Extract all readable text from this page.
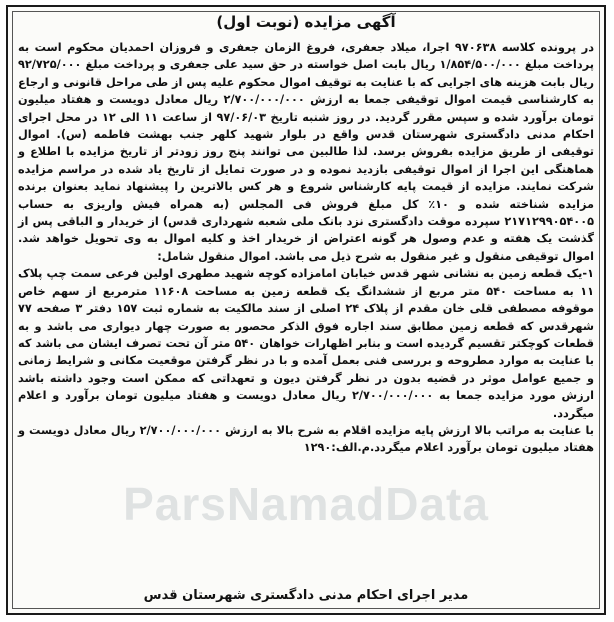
آگهی مزایده (نوبت اول)

در پرونده کلاسه ۹۷۰۶۳۸ اجرا، میلاد جعفری، فروغ الزمان جعفری و فروزان احمدیان محکوم است به پرداخت مبلغ ۱/۸۵۴/۵۰۰/۰۰۰ ریال بابت اصل خواسته در حق سید علی جعفری و پرداخت مبلغ ۹۲/۷۲۵/۰۰۰ ریال بابت هزینه های اجرایی که با عنایت به توقیف اموال محکوم علیه پس از طی مراحل قانونی و ارجاع به کارشناسی قیمت اموال توقیفی جمعا به ارزش ۲/۷۰۰/۰۰۰/۰۰۰ ریال معادل دویست و هفتاد میلیون تومان برآورد شده و سپس مقرر گردید. در روز شنبه تاریخ ۹۷/۰۶/۰۳ از ساعت ۱۱ الی ۱۲ در محل اجرای احکام مدنی دادگستری شهرستان قدس واقع در بلوار شهید کلهر جنب بهشت فاطمه (س). اموال توقیفی از طریق مزایده بفروش برسد. لذا طالبین می توانند پنج روز زودتر از تاریخ مزایده با اطلاع و هماهنگی این اجرا از اموال توقیفی بازدید نموده و در صورت تمایل از تاریخ یاد شده در مراسم مزایده شرکت نمایند. مزایده از قیمت پایه کارشناس شروع و هر کس بالاترین را پیشنهاد نماید بعنوان برنده مزایده شناخته شده و ۱۰٪ کل مبلغ فروش فی المجلس (به همراه فیش واریزی به حساب ۲۱۷۱۲۹۹۰۵۴۰۰۵ سپرده موقت دادگستری نزد بانک ملی شعبه شهرداری قدس) از خریدار و الباقی پس از گذشت یک هفته و عدم وصول هر گونه اعتراض از خریدار اخذ و کلیه اموال به وی تحویل خواهد شد. اموال توقیفی منقول و غیر منقول به شرح ذیل می باشد. اموال منقول شامل:

۱-یک قطعه زمین به نشانی شهر قدس خیابان امامزاده کوچه شهید مطهری اولین فرعی سمت چپ پلاک ۱۱ به مساحت ۵۴۰ متر مربع از ششدانگ یک قطعه زمین به مساحت ۱۱۶۰۸ مترمربع از سهم خاص موقوفه مصطفی قلی خان مقدم از پلاک ۲۴ اصلی از سند مالکیت به شماره ثبت ۱۵۷ دفتر ۳ صفحه ۷۷ شهرقدس که قطعه زمین مطابق سند اجاره فوق الذکر محصور به صورت چهار دیواری می باشد و به قطعات کوچکتر تقسیم گردیده است و بنابر اظهارات خواهان ۵۴۰ متر آن تحت تصرف ایشان می باشد که با عنایت به موارد مطروحه و بررسی فنی بعمل آمده و با در نظر گرفتن موقعیت مکانی و شرایط زمانی و جمیع عوامل موثر در قضیه بدون در نظر گرفتن دیون و تعهداتی که ممکن است وجود داشته باشد ارزش مورد مزایده جمعا به ۲/۷۰۰/۰۰۰/۰۰۰ ریال معادل دویست و هفتاد میلیون تومان برآورد و اعلام میگردد.

با عنایت به مراتب بالا ارزش پایه مزایده اقلام به شرح بالا به ارزش ۲/۷۰۰/۰۰۰/۰۰۰ ریال معادل دویست و هفتاد میلیون تومان برآورد اعلام میگردد.م.الف:۱۲۹۰

ParsNamadData
مدیر اجرای احکام مدنی دادگستری شهرستان قدس
